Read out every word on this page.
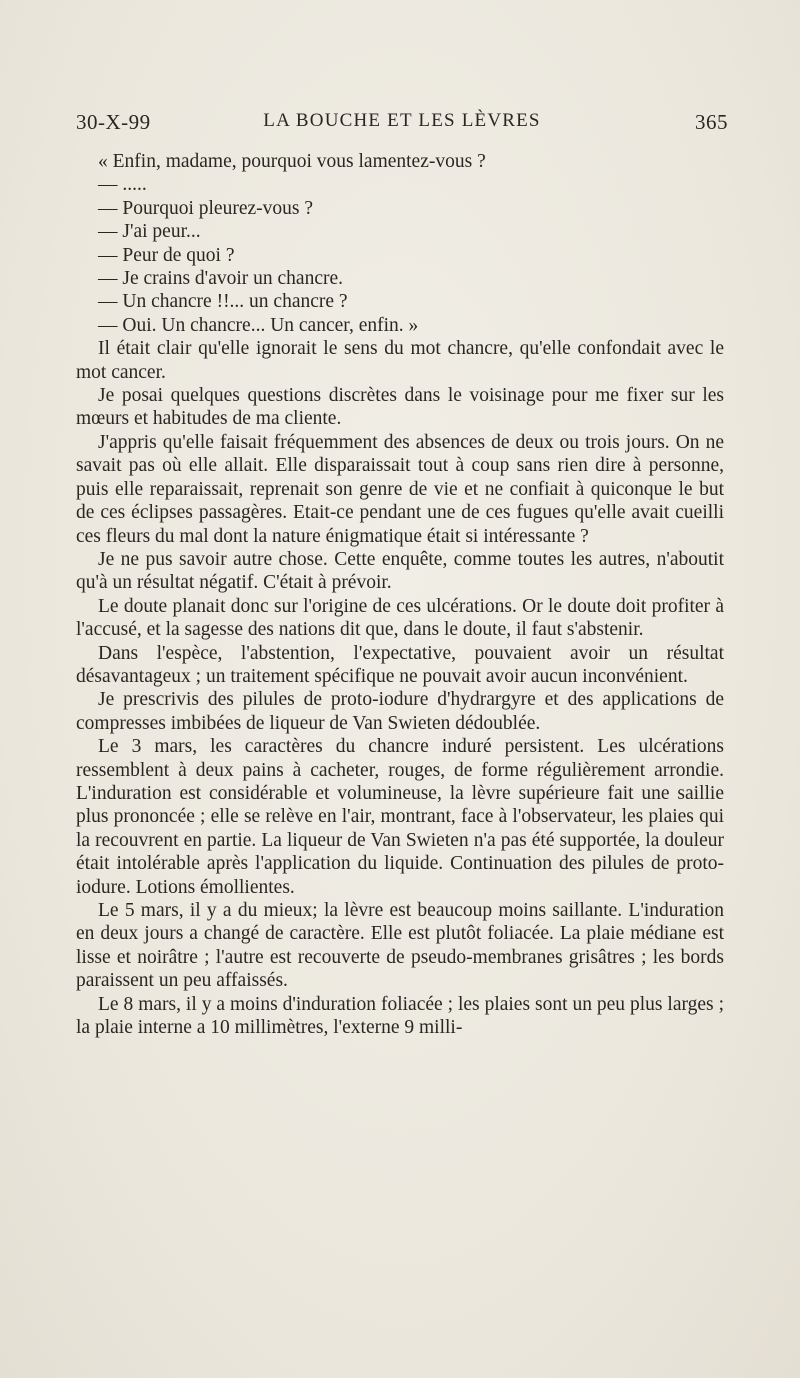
30-X-99	LA BOUCHE ET LES LÈVRES	365

« Enfin, madame, pourquoi vous lamentez-vous ?

— .....

— Pourquoi pleurez-vous ?

— J'ai peur...

— Peur de quoi ?

— Je crains d'avoir un chancre.

— Un chancre !!... un chancre ?

— Oui. Un chancre... Un cancer, enfin. »

Il était clair qu'elle ignorait le sens du mot chancre, qu'elle confondait avec le mot cancer.

Je posai quelques questions discrètes dans le voisinage pour me fixer sur les mœurs et habitudes de ma cliente.

J'appris qu'elle faisait fréquemment des absences de deux ou trois jours. On ne savait pas où elle allait. Elle disparaissait tout à coup sans rien dire à personne, puis elle reparaissait, reprenait son genre de vie et ne confiait à quiconque le but de ces éclipses passagères. Etait-ce pendant une de ces fugues qu'elle avait cueilli ces fleurs du mal dont la nature énigmatique était si intéressante ?

Je ne pus savoir autre chose. Cette enquête, comme toutes les autres, n'aboutit qu'à un résultat négatif. C'était à prévoir.

Le doute planait donc sur l'origine de ces ulcérations. Or le doute doit profiter à l'accusé, et la sagesse des nations dit que, dans le doute, il faut s'abstenir.

Dans l'espèce, l'abstention, l'expectative, pouvaient avoir un résultat désavantageux ; un traitement spécifique ne pouvait avoir aucun inconvénient.

Je prescrivis des pilules de proto-iodure d'hydrargyre et des applications de compresses imbibées de liqueur de Van Swieten dédoublée.

Le 3 mars, les caractères du chancre induré persistent. Les ulcérations ressemblent à deux pains à cacheter, rouges, de forme régulièrement arrondie. L'induration est considérable et volumineuse, la lèvre supérieure fait une saillie plus prononcée ; elle se relève en l'air, montrant, face à l'observateur, les plaies qui la recouvrent en partie. La liqueur de Van Swieten n'a pas été supportée, la douleur était intolérable après l'application du liquide. Continuation des pilules de proto-iodure. Lotions émollientes.

Le 5 mars, il y a du mieux; la lèvre est beaucoup moins saillante. L'induration en deux jours a changé de caractère. Elle est plutôt foliacée. La plaie médiane est lisse et noirâtre ; l'autre est recouverte de pseudo-membranes grisâtres ; les bords paraissent un peu affaissés.

Le 8 mars, il y a moins d'induration foliacée ; les plaies sont un peu plus larges ; la plaie interne a 10 millimètres, l'externe 9 milli-
